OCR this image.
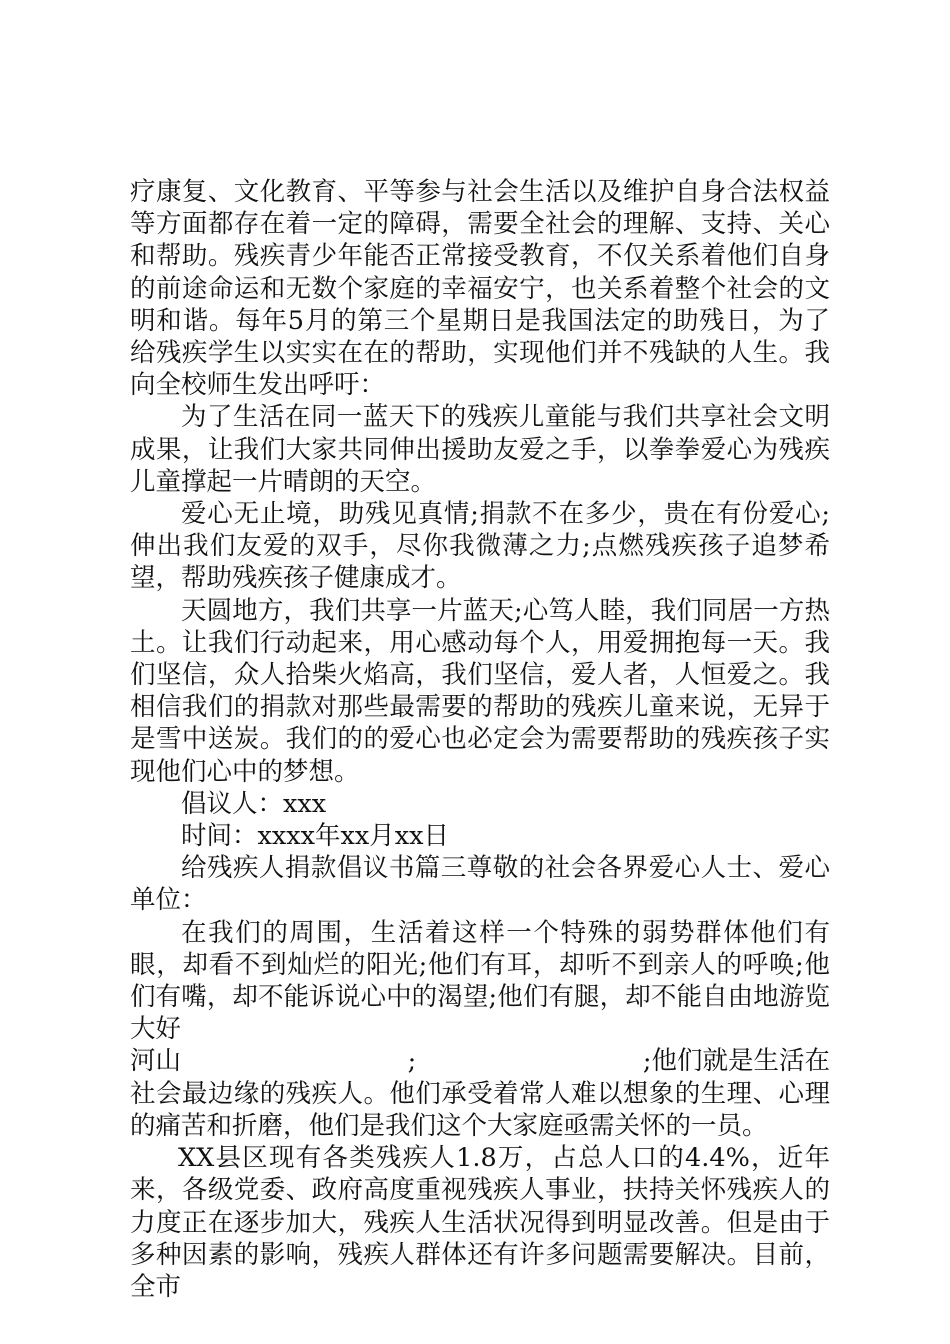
疗康复、文化教育、平等参与社会生活以及维护自身合法权益等方面都存在着一定的障碍，需要全社会的理解、支持、关心和帮助。残疾青少年能否正常接受教育，不仅关系着他们自身的前途命运和无数个家庭的幸福安宁，也关系着整个社会的文明和谐。每年5月的第三个星期日是我国法定的助残日，为了给残疾学生以实实在在的帮助，实现他们并不残缺的人生。我向全校师生发出呼吁：

为了生活在同一蓝天下的残疾儿童能与我们共享社会文明成果，让我们大家共同伸出援助友爱之手，以拳拳爱心为残疾儿童撑起一片晴朗的天空。

爱心无止境，助残见真情;捐款不在多少，贵在有份爱心;伸出我们友爱的双手，尽你我微薄之力;点燃残疾孩子追梦希望，帮助残疾孩子健康成才。

天圆地方，我们共享一片蓝天;心笃人睦，我们同居一方热土。让我们行动起来，用心感动每个人，用爱拥抱每一天。我们坚信，众人拾柴火焰高，我们坚信，爱人者，人恒爱之。我相信我们的捐款对那些最需要的帮助的残疾儿童来说，无异于是雪中送炭。我们的的爱心也必定会为需要帮助的残疾孩子实现他们心中的梦想。

倡议人：xxx

时间：xxxx年xx月xx日

给残疾人捐款倡议书篇三尊敬的社会各界爱心人士、爱心单位：

在我们的周围，生活着这样一个特殊的弱势群体他们有眼，却看不到灿烂的阳光;他们有耳，却听不到亲人的呼唤;他们有嘴，却不能诉说心中的渴望;他们有腿，却不能自由地游览大好

河山	;	;他们就是生活在

社会最边缘的残疾人。他们承受着常人难以想象的生理、心理的痛苦和折磨，他们是我们这个大家庭亟需关怀的一员。

XX县区现有各类残疾人1.8万，占总人口的4.4%，近年来，各级党委、政府高度重视残疾人事业，扶持关怀残疾人的力度正在逐步加大，残疾人生活状况得到明显改善。但是由于多种因素的影响，残疾人群体还有许多问题需要解决。目前，全市
